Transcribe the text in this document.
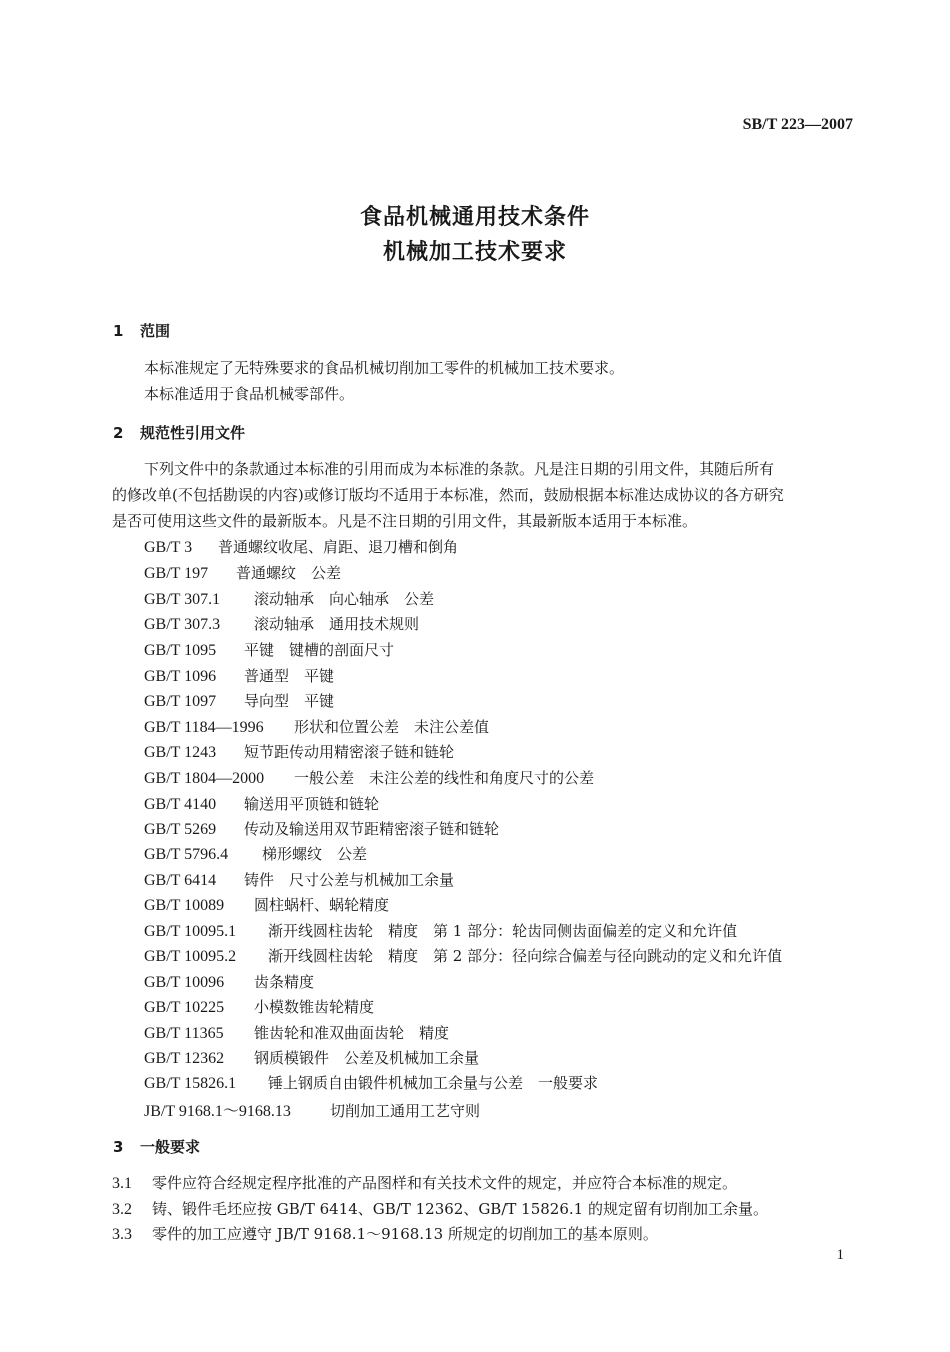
SB/T 223—2007
食品机械通用技术条件
机械加工技术要求
1 范围
本标准规定了无特殊要求的食品机械切削加工零件的机械加工技术要求。
本标准适用于食品机械零部件。
2 规范性引用文件
下列文件中的条款通过本标准的引用而成为本标准的条款。凡是注日期的引用文件，其随后所有
的修改单(不包括勘误的内容)或修订版均不适用于本标准，然而，鼓励根据本标准达成协议的各方研究
是否可使用这些文件的最新版本。凡是不注日期的引用文件，其最新版本适用于本标准。
GB/T 3 普通螺纹收尾、肩距、退刀槽和倒角
GB/T 197 普通螺纹　公差
GB/T 307.1 滚动轴承　向心轴承　公差
GB/T 307.3 滚动轴承　通用技术规则
GB/T 1095 平键　键槽的剖面尺寸
GB/T 1096 普通型　平键
GB/T 1097 导向型　平键
GB/T 1184—1996 形状和位置公差　未注公差值
GB/T 1243 短节距传动用精密滚子链和链轮
GB/T 1804—2000 一般公差　未注公差的线性和角度尺寸的公差
GB/T 4140 输送用平顶链和链轮
GB/T 5269 传动及输送用双节距精密滚子链和链轮
GB/T 5796.4 梯形螺纹　公差
GB/T 6414 铸件　尺寸公差与机械加工余量
GB/T 10089 圆柱蜗杆、蜗轮精度
GB/T 10095.1 渐开线圆柱齿轮　精度　第 1 部分：轮齿同侧齿面偏差的定义和允许值
GB/T 10095.2 渐开线圆柱齿轮　精度　第 2 部分：径向综合偏差与径向跳动的定义和允许值
GB/T 10096 齿条精度
GB/T 10225 小模数锥齿轮精度
GB/T 11365 锥齿轮和准双曲面齿轮　精度
GB/T 12362 钢质模锻件　公差及机械加工余量
GB/T 15826.1 锤上钢质自由锻件机械加工余量与公差　一般要求
JB/T 9168.1～9168.13	切削加工通用工艺守则
3 一般要求
3.1 零件应符合经规定程序批准的产品图样和有关技术文件的规定，并应符合本标准的规定。
3.2 铸、锻件毛坯应按 GB/T 6414、GB/T 12362、GB/T 15826.1 的规定留有切削加工余量。
3.3 零件的加工应遵守 JB/T 9168.1～9168.13 所规定的切削加工的基本原则。
1
